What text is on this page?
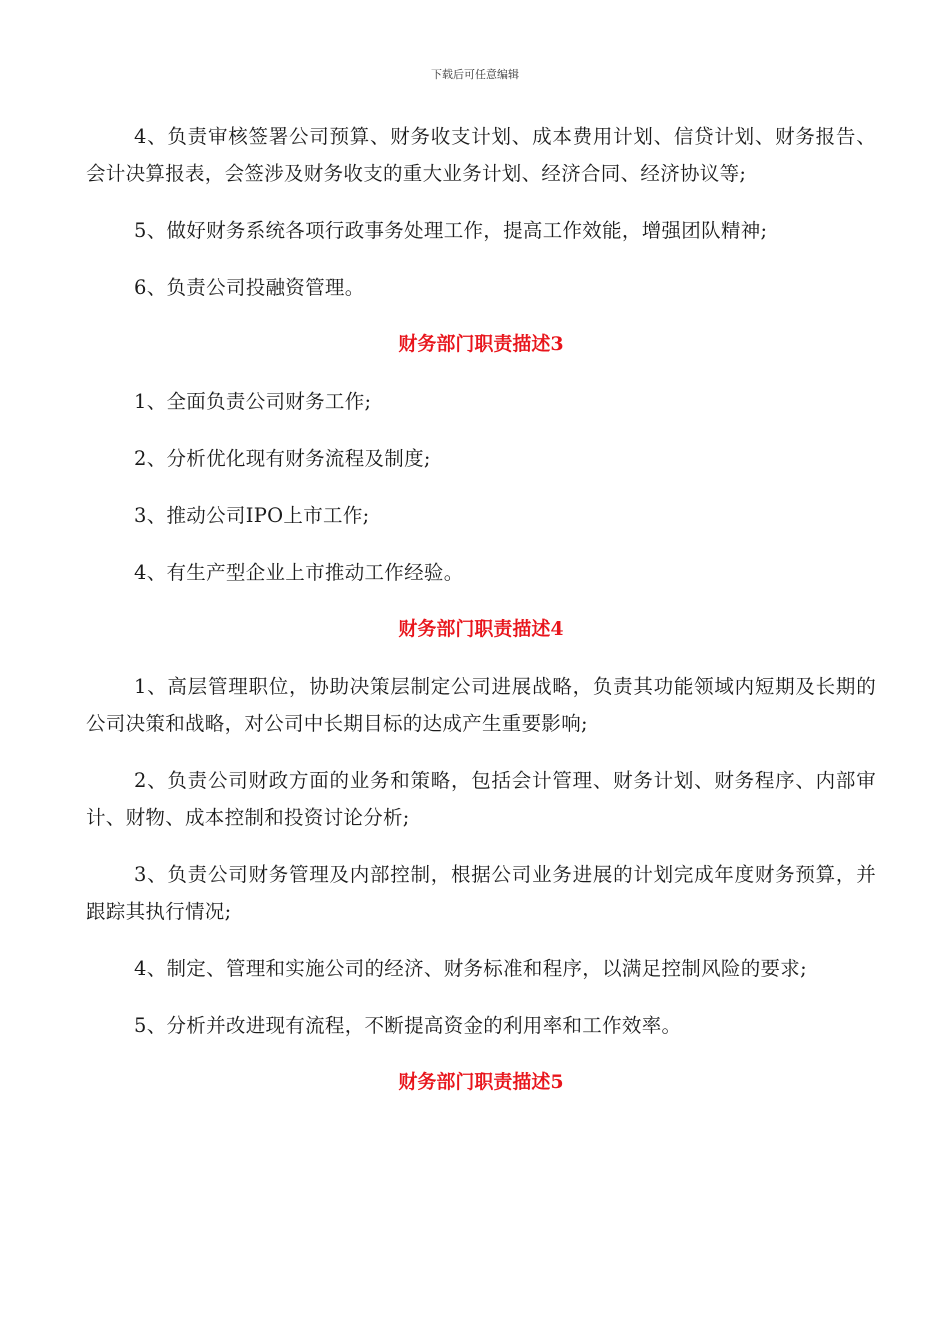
下载后可任意编辑

4、负责审核签署公司预算、财务收支计划、成本费用计划、信贷计划、财务报告、会计决算报表，会签涉及财务收支的重大业务计划、经济合同、经济协议等;

5、做好财务系统各项行政事务处理工作，提高工作效能，增强团队精神;

6、负责公司投融资管理。

财务部门职责描述3

1、全面负责公司财务工作;

2、分析优化现有财务流程及制度;

3、推动公司IPO上市工作;

4、有生产型企业上市推动工作经验。

财务部门职责描述4

1、高层管理职位，协助决策层制定公司进展战略，负责其功能领域内短期及长期的公司决策和战略，对公司中长期目标的达成产生重要影响;

2、负责公司财政方面的业务和策略，包括会计管理、财务计划、财务程序、内部审计、财物、成本控制和投资讨论分析;

3、负责公司财务管理及内部控制，根据公司业务进展的计划完成年度财务预算，并跟踪其执行情况;

4、制定、管理和实施公司的经济、财务标准和程序，以满足控制风险的要求;

5、分析并改进现有流程，不断提高资金的利用率和工作效率。

财务部门职责描述5
